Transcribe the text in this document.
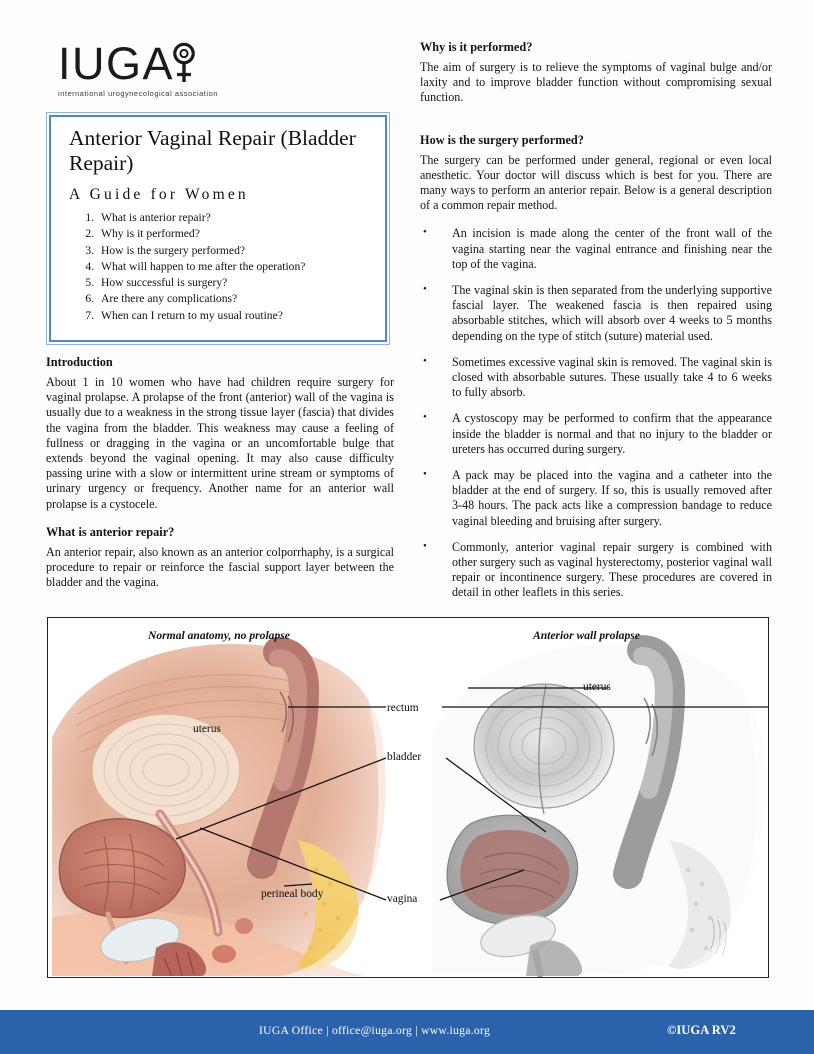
IUGA
international urogynecological association
Anterior Vaginal Repair (Bladder Repair)
A Guide for Women
1. What is anterior repair?
2. Why is it performed?
3. How is the surgery performed?
4. What will happen to me after the operation?
5. How successful is surgery?
6. Are there any complications?
7. When can I return to my usual routine?
Introduction

About 1 in 10 women who have had children require surgery for vaginal prolapse. A prolapse of the front (anterior) wall of the vagina is usually due to a weakness in the strong tissue layer (fascia) that divides the vagina from the bladder. This weakness may cause a feeling of fullness or dragging in the vagina or an uncomfortable bulge that extends beyond the vaginal opening. It may also cause difficulty passing urine with a slow or intermittent urine stream or symptoms of urinary urgency or frequency. Another name for an anterior wall prolapse is a cystocele.

What is anterior repair?

An anterior repair, also known as an anterior colporrhaphy, is a surgical procedure to repair or reinforce the fascial support layer between the bladder and the vagina.

Why is it performed?

The aim of surgery is to relieve the symptoms of vaginal bulge and/or laxity and to improve bladder function without compromising sexual function.

How is the surgery performed?

The surgery can be performed under general, regional or even local anesthetic. Your doctor will discuss which is best for you. There are many ways to perform an anterior repair. Below is a general description of a common repair method.

• An incision is made along the center of the front wall of the vagina starting near the vaginal entrance and finishing near the top of the vagina.
• The vaginal skin is then separated from the underlying supportive fascial layer. The weakened fascia is then repaired using absorbable stitches, which will absorb over 4 weeks to 5 months depending on the type of stitch (suture) material used.
• Sometimes excessive vaginal skin is removed. The vaginal skin is closed with absorbable sutures. These usually take 4 to 6 weeks to fully absorb.
• A cystoscopy may be performed to confirm that the appearance inside the bladder is normal and that no injury to the bladder or ureters has occurred during surgery.
• A pack may be placed into the vagina and a catheter into the bladder at the end of surgery. If so, this is usually removed after 3-48 hours. The pack acts like a compression bandage to reduce vaginal bleeding and bruising after surgery.
• Commonly, anterior vaginal repair surgery is combined with other surgery such as vaginal hysterectomy, posterior vaginal wall repair or incontinence surgery. These procedures are covered in detail in other leaflets in this series.
Normal anatomy, no prolapse	Anterior wall prolapse
rectum
bladder
vagina
uterus
uterus
perineal body
IUGA Office | office@iuga.org | www.iuga.org	©IUGA RV2
